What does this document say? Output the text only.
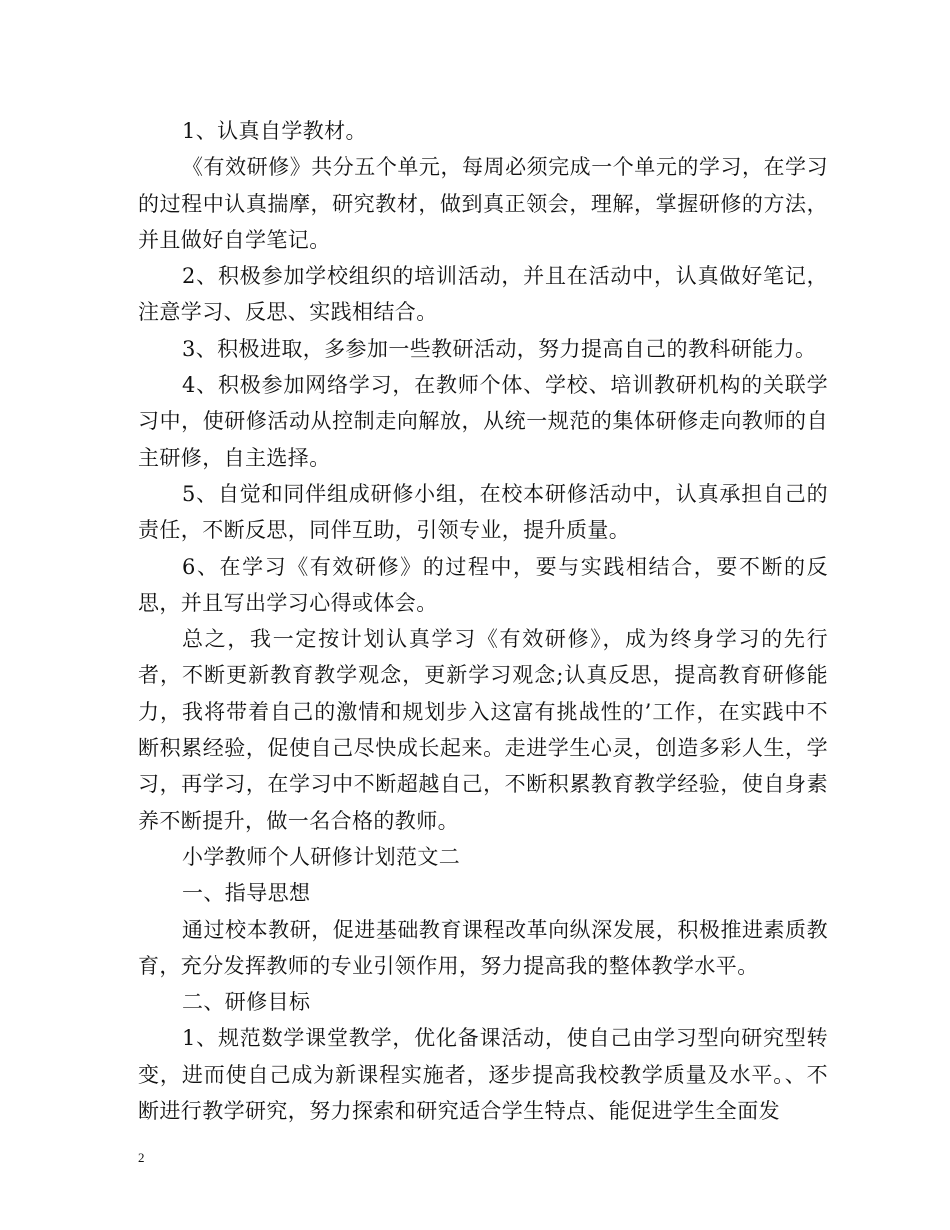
1、认真自学教材。

《有效研修》共分五个单元，每周必须完成一个单元的学习，在学习的过程中认真揣摩，研究教材，做到真正领会，理解，掌握研修的方法，并且做好自学笔记。

2、积极参加学校组织的培训活动，并且在活动中，认真做好笔记，注意学习、反思、实践相结合。

3、积极进取，多参加一些教研活动，努力提高自己的教科研能力。

4、积极参加网络学习，在教师个体、学校、培训教研机构的关联学习中，使研修活动从控制走向解放，从统一规范的集体研修走向教师的自主研修，自主选择。

5、自觉和同伴组成研修小组，在校本研修活动中，认真承担自己的责任，不断反思，同伴互助，引领专业，提升质量。

6、在学习《有效研修》的过程中，要与实践相结合，要不断的反思，并且写出学习心得或体会。

总之，我一定按计划认真学习《有效研修》，成为终身学习的先行者，不断更新教育教学观念，更新学习观念;认真反思，提高教育研修能力，我将带着自己的激情和规划步入这富有挑战性的’工作，在实践中不断积累经验，促使自己尽快成长起来。走进学生心灵，创造多彩人生，学习，再学习，在学习中不断超越自己，不断积累教育教学经验，使自身素养不断提升，做一名合格的教师。

小学教师个人研修计划范文二

一、指导思想

通过校本教研，促进基础教育课程改革向纵深发展，积极推进素质教育，充分发挥教师的专业引领作用，努力提高我的整体教学水平。

二、研修目标

1、规范数学课堂教学，优化备课活动，使自己由学习型向研究型转变，进而使自己成为新课程实施者，逐步提高我校教学质量及水平。、不断进行教学研究，努力探索和研究适合学生特点、能促进学生全面发

2
